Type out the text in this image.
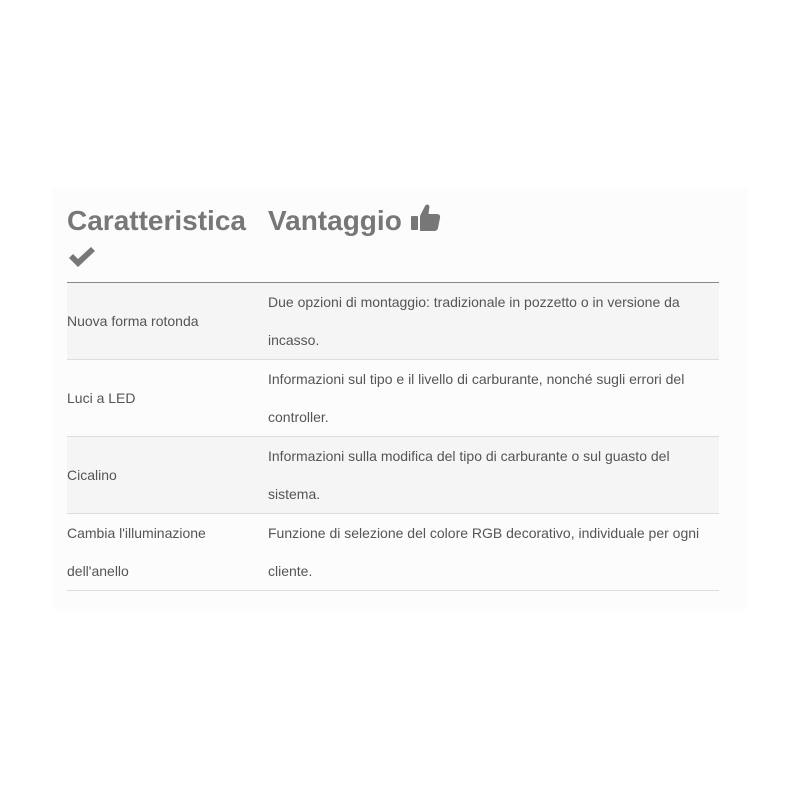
Caratteristica	Vantaggio
Nuova forma rotonda	Due opzioni di montaggio: tradizionale in pozzetto o in versione da incasso.
Luci a LED	Informazioni sul tipo e il livello di carburante, nonché sugli errori del controller.
Cicalino	Informazioni sulla modifica del tipo di carburante o sul guasto del sistema.
Cambia l'illuminazione dell'anello	Funzione di selezione del colore RGB decorativo, individuale per ogni cliente.
